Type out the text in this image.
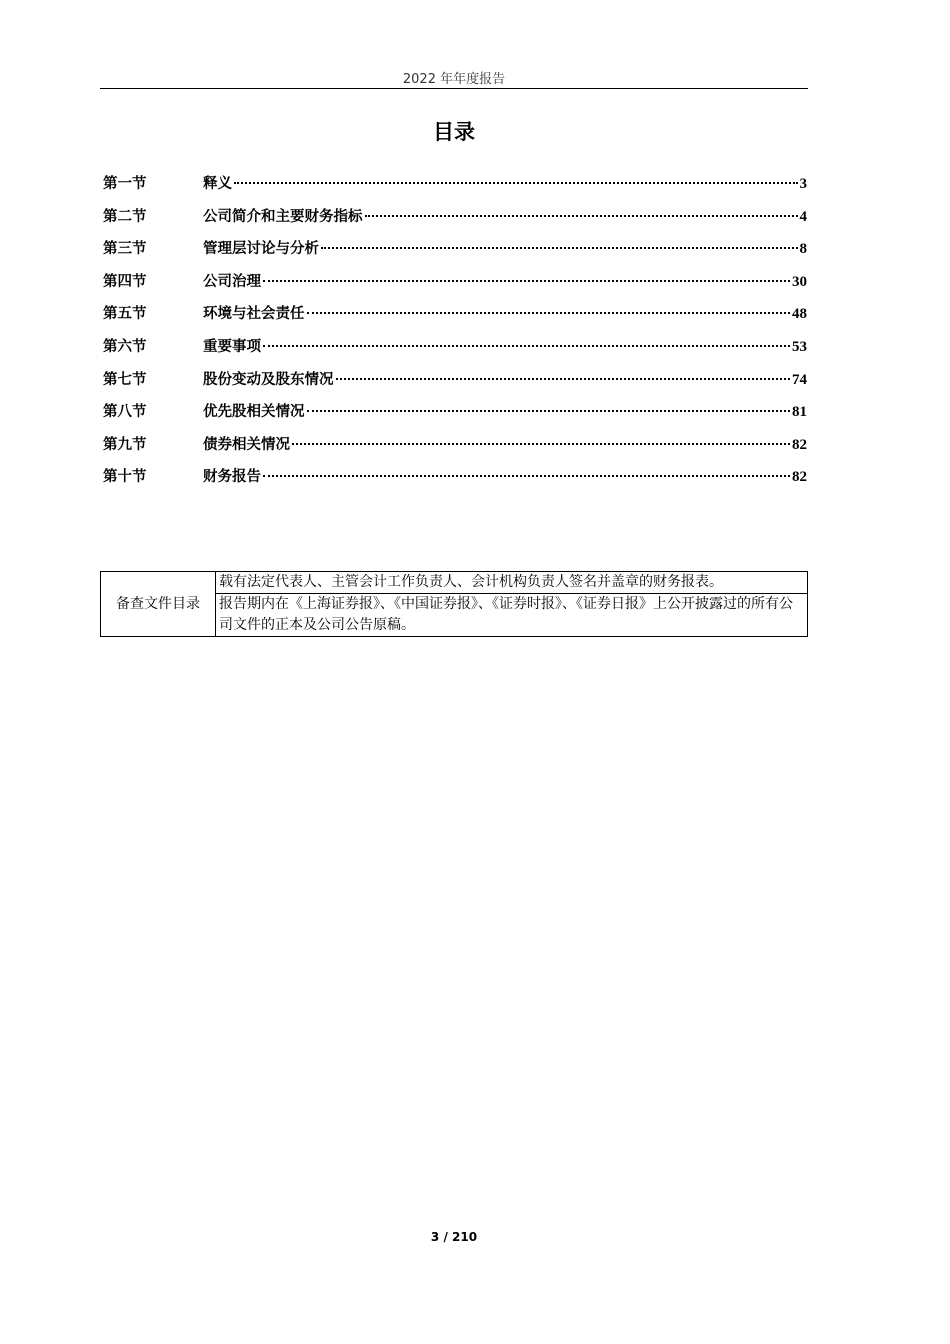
2022 年年度报告
目录
第一节	释义	3
第二节	公司简介和主要财务指标	4
第三节	管理层讨论与分析	8
第四节	公司治理	30
第五节	环境与社会责任	48
第六节	重要事项	53
第七节	股份变动及股东情况	74
第八节	优先股相关情况	81
第九节	债券相关情况	82
第十节	财务报告	82
备查文件目录	载有法定代表人、主管会计工作负责人、会计机构负责人签名并盖章的财务报表。
报告期内在《上海证券报》、《中国证券报》、《证券时报》、《证券日报》上公开披露过的所有公司文件的正本及公司公告原稿。
3 / 210
